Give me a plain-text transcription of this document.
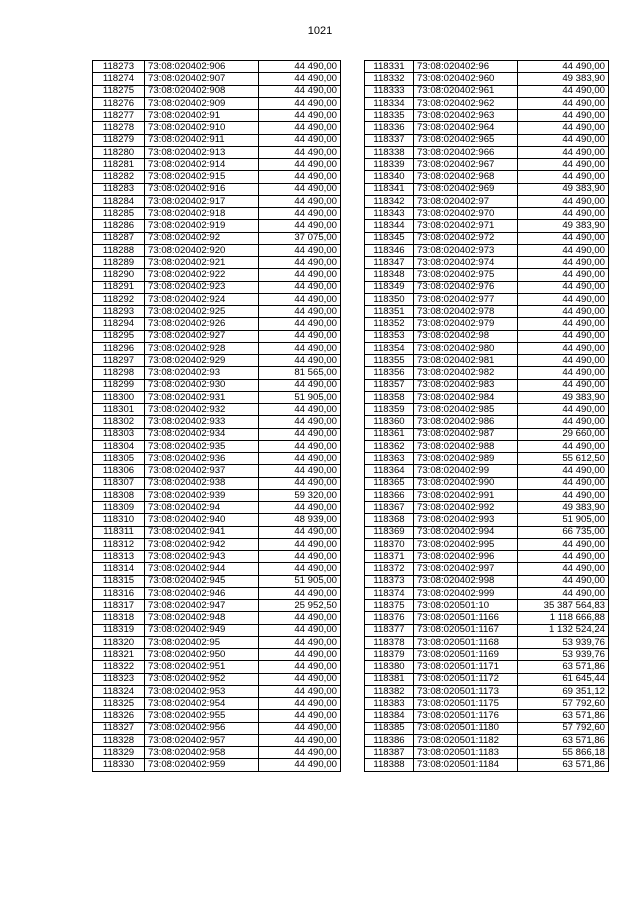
1021
118273	73:08:020402:906	44 490,00
118274	73:08:020402:907	44 490,00
118275	73:08:020402:908	44 490,00
118276	73:08:020402:909	44 490,00
118277	73:08:020402:91	44 490,00
118278	73:08:020402:910	44 490,00
118279	73:08:020402:911	44 490,00
118280	73:08:020402:913	44 490,00
118281	73:08:020402:914	44 490,00
118282	73:08:020402:915	44 490,00
118283	73:08:020402:916	44 490,00
118284	73:08:020402:917	44 490,00
118285	73:08:020402:918	44 490,00
118286	73:08:020402:919	44 490,00
118287	73:08:020402:92	37 075,00
118288	73:08:020402:920	44 490,00
118289	73:08:020402:921	44 490,00
118290	73:08:020402:922	44 490,00
118291	73:08:020402:923	44 490,00
118292	73:08:020402:924	44 490,00
118293	73:08:020402:925	44 490,00
118294	73:08:020402:926	44 490,00
118295	73:08:020402:927	44 490,00
118296	73:08:020402:928	44 490,00
118297	73:08:020402:929	44 490,00
118298	73:08:020402:93	81 565,00
118299	73:08:020402:930	44 490,00
118300	73:08:020402:931	51 905,00
118301	73:08:020402:932	44 490,00
118302	73:08:020402:933	44 490,00
118303	73:08:020402:934	44 490,00
118304	73:08:020402:935	44 490,00
118305	73:08:020402:936	44 490,00
118306	73:08:020402:937	44 490,00
118307	73:08:020402:938	44 490,00
118308	73:08:020402:939	59 320,00
118309	73:08:020402:94	44 490,00
118310	73:08:020402:940	48 939,00
118311	73:08:020402:941	44 490,00
118312	73:08:020402:942	44 490,00
118313	73:08:020402:943	44 490,00
118314	73:08:020402:944	44 490,00
118315	73:08:020402:945	51 905,00
118316	73:08:020402:946	44 490,00
118317	73:08:020402:947	25 952,50
118318	73:08:020402:948	44 490,00
118319	73:08:020402:949	44 490,00
118320	73:08:020402:95	44 490,00
118321	73:08:020402:950	44 490,00
118322	73:08:020402:951	44 490,00
118323	73:08:020402:952	44 490,00
118324	73:08:020402:953	44 490,00
118325	73:08:020402:954	44 490,00
118326	73:08:020402:955	44 490,00
118327	73:08:020402:956	44 490,00
118328	73:08:020402:957	44 490,00
118329	73:08:020402:958	44 490,00
118330	73:08:020402:959	44 490,00
118331	73:08:020402:96	44 490,00
118332	73:08:020402:960	49 383,90
118333	73:08:020402:961	44 490,00
118334	73:08:020402:962	44 490,00
118335	73:08:020402:963	44 490,00
118336	73:08:020402:964	44 490,00
118337	73:08:020402:965	44 490,00
118338	73:08:020402:966	44 490,00
118339	73:08:020402:967	44 490,00
118340	73:08:020402:968	44 490,00
118341	73:08:020402:969	49 383,90
118342	73:08:020402:97	44 490,00
118343	73:08:020402:970	44 490,00
118344	73:08:020402:971	49 383,90
118345	73:08:020402:972	44 490,00
118346	73:08:020402:973	44 490,00
118347	73:08:020402:974	44 490,00
118348	73:08:020402:975	44 490,00
118349	73:08:020402:976	44 490,00
118350	73:08:020402:977	44 490,00
118351	73:08:020402:978	44 490,00
118352	73:08:020402:979	44 490,00
118353	73:08:020402:98	44 490,00
118354	73:08:020402:980	44 490,00
118355	73:08:020402:981	44 490,00
118356	73:08:020402:982	44 490,00
118357	73:08:020402:983	44 490,00
118358	73:08:020402:984	49 383,90
118359	73:08:020402:985	44 490,00
118360	73:08:020402:986	44 490,00
118361	73:08:020402:987	29 660,00
118362	73:08:020402:988	44 490,00
118363	73:08:020402:989	55 612,50
118364	73:08:020402:99	44 490,00
118365	73:08:020402:990	44 490,00
118366	73:08:020402:991	44 490,00
118367	73:08:020402:992	49 383,90
118368	73:08:020402:993	51 905,00
118369	73:08:020402:994	66 735,00
118370	73:08:020402:995	44 490,00
118371	73:08:020402:996	44 490,00
118372	73:08:020402:997	44 490,00
118373	73:08:020402:998	44 490,00
118374	73:08:020402:999	44 490,00
118375	73:08:020501:10	35 387 564,83
118376	73:08:020501:1166	1 118 666,88
118377	73:08:020501:1167	1 132 524,24
118378	73:08:020501:1168	53 939,76
118379	73:08:020501:1169	53 939,76
118380	73:08:020501:1171	63 571,86
118381	73:08:020501:1172	61 645,44
118382	73:08:020501:1173	69 351,12
118383	73:08:020501:1175	57 792,60
118384	73:08:020501:1176	63 571,86
118385	73:08:020501:1180	57 792,60
118386	73:08:020501:1182	63 571,86
118387	73:08:020501:1183	55 866,18
118388	73:08:020501:1184	63 571,86
